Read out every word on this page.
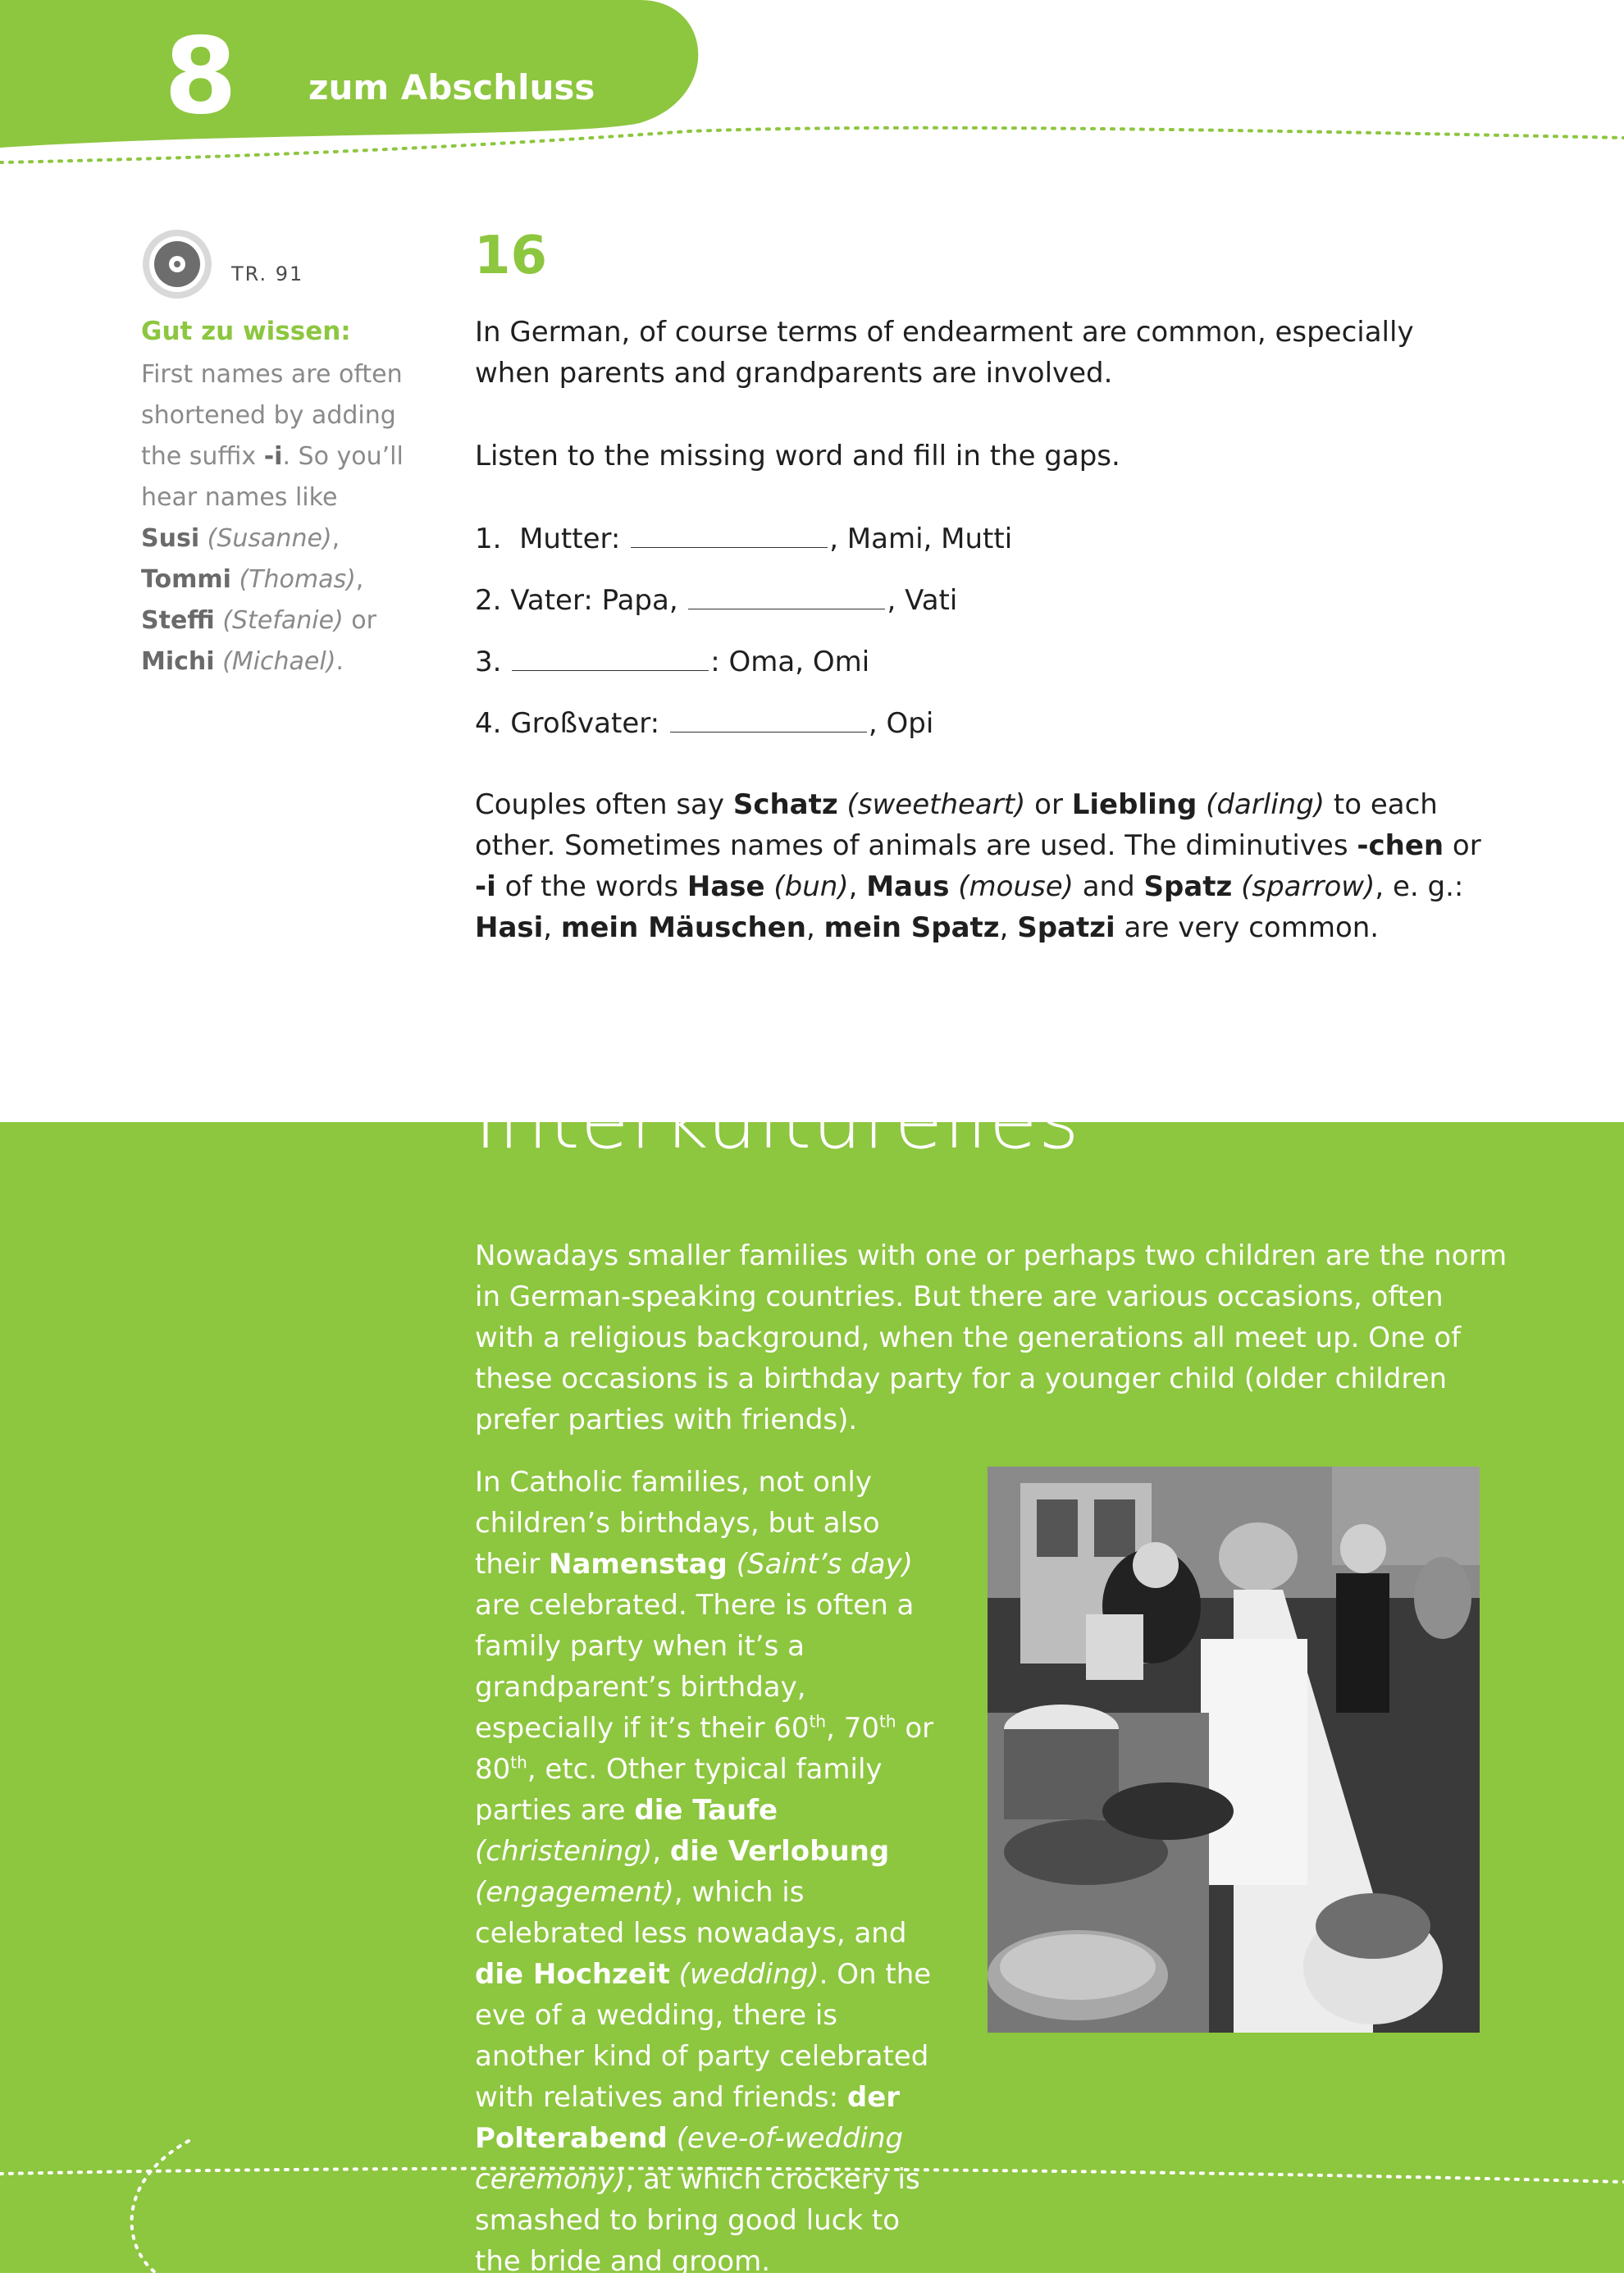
8 zum Abschluss
TR. 91
Gut zu wissen:
First names are often shortened by adding the suffix -i. So you’ll hear names like Susi (Susanne), Tommi (Thomas), Steffi (Stefanie) or Michi (Michael).
16
In German, of course terms of endearment are common, especially when parents and grandparents are involved.
Listen to the missing word and fill in the gaps.
1. Mutter:	, Mami, Mutti
2. Vater: Papa,	, Vati
3.	: Oma, Omi
4. Großvater:	, Opi
Couples often say Schatz (sweetheart) or Liebling (darling) to each other. Sometimes names of animals are used. The diminutives -chen or -i of the words Hase (bun), Maus (mouse) and Spatz (sparrow), e. g.: Hasi, mein Mäuschen, mein Spatz, Spatzi are very common.
Interkulturelles
Nowadays smaller families with one or perhaps two children are the norm in German-speaking countries. But there are various occasions, often with a religious background, when the generations all meet up. One of these occasions is a birthday party for a younger child (older children prefer parties with friends).
In Catholic families, not only children’s birthdays, but also their Namenstag (Saint’s day) are celebrated. There is often a family party when it’s a grandparent’s birthday, especially if it’s their 60th, 70th or 80th, etc. Other typical family parties are die Taufe (christening), die Verlobung (engagement), which is celebrated less nowadays, and die Hochzeit (wedding). On the eve of a wedding, there is another kind of party celebrated with relatives and friends: der Polterabend (eve-of-wedding ceremony), at which crockery is smashed to bring good luck to the bride and groom.
